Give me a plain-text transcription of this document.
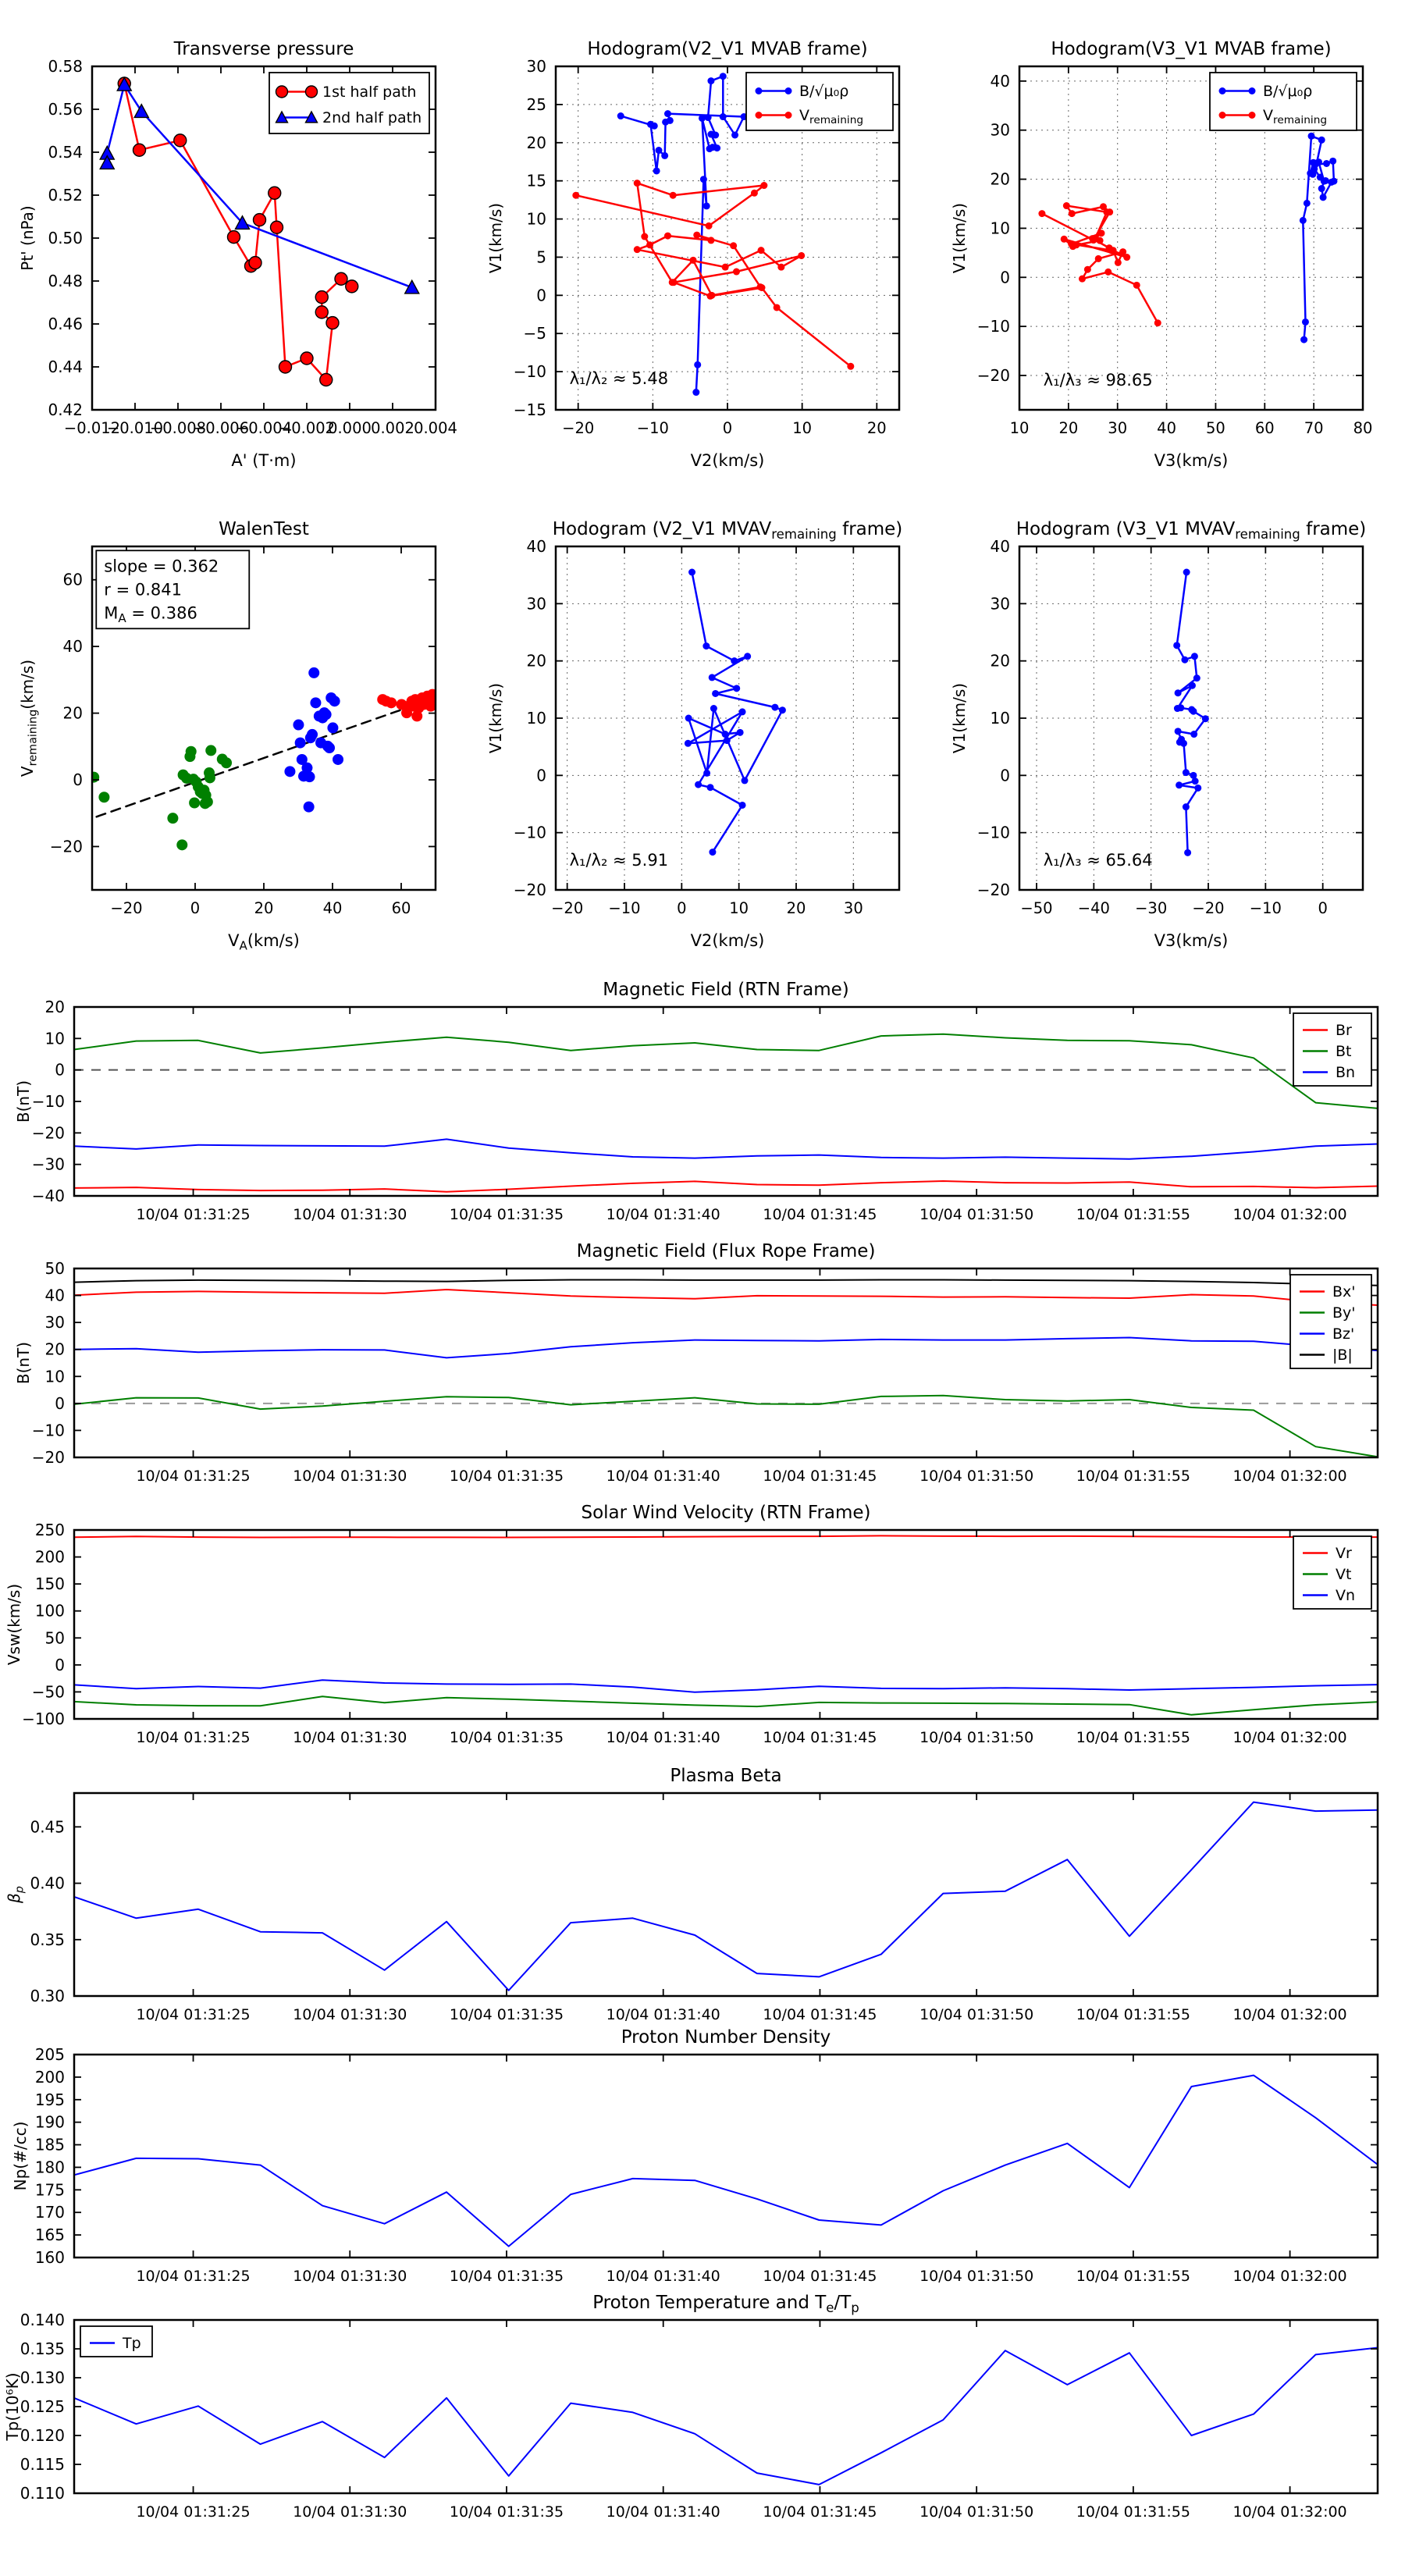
−0.012
−0.010
−0.008
−0.006
−0.004
−0.002
0.000 0.002 0.004
0.42
0.44
0.46
0.48
0.50
0.52
0.54
0.56
0.58
Transverse pressure
A' (T·m)
Pt' (nPa)
1st half path
2nd half path
−20	−10	0	10	20
−15
−10
−5
0
5
10
15
20
25
30
Hodogram(V2_V1 MVAB frame)
V2(km/s)
V1(km/s)
B/√μ₀ρ
$V_{remaining}$
λ₁/λ₂ ≈ 5.48
10 20 30 40 50 60 70 80
−20
−10
0
10
20
30
40
Hodogram(V3_V1 MVAB frame)
V3(km/s)
V1(km/s)
B/√μ₀ρ
$V_{remaining}$
λ₁/λ₃ ≈ 98.65
−20	0	20	40	60
−20
0
20
40
60
WalenTest
$V_A(km/s)$
$V_{remaining}(km/s)$
slope = 0.362
r = 0.841
$M_A = 0.386$
−20 −10 0	10 20 30
−20
−10
0
10
20
30
40
Hodogram (V2_V1 $MVAV_{remaining}$ frame)
V2(km/s)
V1(km/s)
λ₁/λ₂ ≈ 5.91
−50 −40 −30 −20 −10 0
−20
−10
0
10
20
30
40
Hodogram (V3_V1 $MVAV_{remaining}$ frame)
V3(km/s)
V1(km/s)
λ₁/λ₃ ≈ 65.64
10/04 01:31:25	10/04 01:31:30	10/04 01:31:35	10/04 01:31:40	10/04 01:31:45	10/04 01:31:50	10/04 01:31:55	10/04 01:32:00
−40
−30
−20
−10
0
10
20
Magnetic Field (RTN Frame)
B(nT)
Br
Bt
Bn
10/04 01:31:25	10/04 01:31:30	10/04 01:31:35	10/04 01:31:40	10/04 01:31:45	10/04 01:31:50	10/04 01:31:55	10/04 01:32:00
−20
−10
0
10
20
30
40
50
Magnetic Field (Flux Rope Frame)
B(nT)
Bx'
By'
Bz'
|B|
10/04 01:31:25	10/04 01:31:30	10/04 01:31:35	10/04 01:31:40	10/04 01:31:45	10/04 01:31:50	10/04 01:31:55	10/04 01:32:00
−100
−50
0
50
100
150
200
250
Solar Wind Velocity (RTN Frame)
Vsw(km/s)
Vr
Vt
Vn
10/04 01:31:25	10/04 01:31:30	10/04 01:31:35	10/04 01:31:40	10/04 01:31:45	10/04 01:31:50	10/04 01:31:55	10/04 01:32:00
0.30
0.35
0.40
0.45
Plasma Beta
$\beta_p$
10/04 01:31:25	10/04 01:31:30	10/04 01:31:35	10/04 01:31:40	10/04 01:31:45	10/04 01:31:50	10/04 01:31:55	10/04 01:32:00
160
165
170
175
180
185
190
195
200
205
Proton Number Density
Np(#/cc)
10/04 01:31:25	10/04 01:31:30	10/04 01:31:35	10/04 01:31:40	10/04 01:31:45	10/04 01:31:50	10/04 01:31:55	10/04 01:32:00
0.110
0.115
0.120
0.125
0.130
0.135
0.140
Proton Temperature and $T_e/T_p$
Tp(10⁶K)
Tp
